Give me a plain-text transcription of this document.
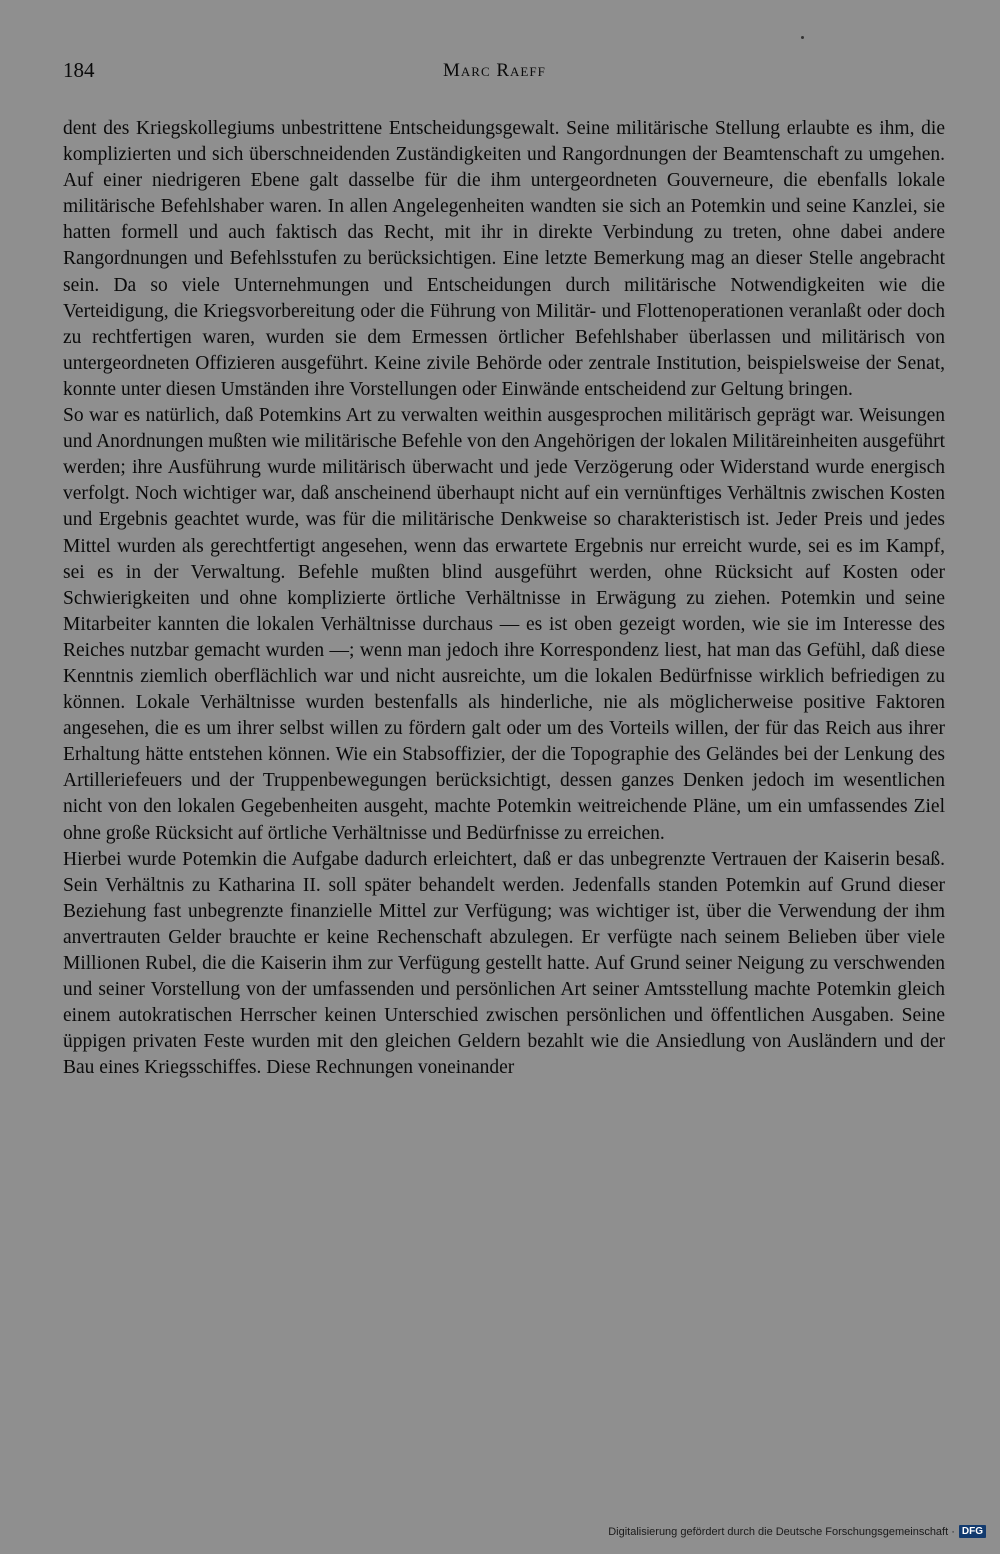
184	Marc Raeff

dent des Kriegskollegiums unbestrittene Entscheidungsgewalt. Seine militärische Stellung erlaubte es ihm, die komplizierten und sich überschneidenden Zuständigkeiten und Rangordnungen der Beamtenschaft zu umgehen. Auf einer niedrigeren Ebene galt dasselbe für die ihm untergeordneten Gouverneure, die ebenfalls lokale militärische Befehlshaber waren. In allen Angelegenheiten wandten sie sich an Potemkin und seine Kanzlei, sie hatten formell und auch faktisch das Recht, mit ihr in direkte Verbindung zu treten, ohne dabei andere Rangordnungen und Befehlsstufen zu berücksichtigen. Eine letzte Bemerkung mag an dieser Stelle angebracht sein. Da so viele Unternehmungen und Entscheidungen durch militärische Notwendigkeiten wie die Verteidigung, die Kriegsvorbereitung oder die Führung von Militär- und Flottenoperationen veranlaßt oder doch zu rechtfertigen waren, wurden sie dem Ermessen örtlicher Befehlshaber überlassen und militärisch von untergeordneten Offizieren ausgeführt. Keine zivile Behörde oder zentrale Institution, beispielsweise der Senat, konnte unter diesen Umständen ihre Vorstellungen oder Einwände entscheidend zur Geltung bringen.

So war es natürlich, daß Potemkins Art zu verwalten weithin ausgesprochen militärisch geprägt war. Weisungen und Anordnungen mußten wie militärische Befehle von den Angehörigen der lokalen Militäreinheiten ausgeführt werden; ihre Ausführung wurde militärisch überwacht und jede Verzögerung oder Widerstand wurde energisch verfolgt. Noch wichtiger war, daß anscheinend überhaupt nicht auf ein vernünftiges Verhältnis zwischen Kosten und Ergebnis geachtet wurde, was für die militärische Denkweise so charakteristisch ist. Jeder Preis und jedes Mittel wurden als gerechtfertigt angesehen, wenn das erwartete Ergebnis nur erreicht wurde, sei es im Kampf, sei es in der Verwaltung. Befehle mußten blind ausgeführt werden, ohne Rücksicht auf Kosten oder Schwierigkeiten und ohne komplizierte örtliche Verhältnisse in Erwägung zu ziehen. Potemkin und seine Mitarbeiter kannten die lokalen Verhältnisse durchaus — es ist oben gezeigt worden, wie sie im Interesse des Reiches nutzbar gemacht wurden —; wenn man jedoch ihre Korrespondenz liest, hat man das Gefühl, daß diese Kenntnis ziemlich oberflächlich war und nicht ausreichte, um die lokalen Bedürfnisse wirklich befriedigen zu können. Lokale Verhältnisse wurden bestenfalls als hinderliche, nie als möglicherweise positive Faktoren angesehen, die es um ihrer selbst willen zu fördern galt oder um des Vorteils willen, der für das Reich aus ihrer Erhaltung hätte entstehen können. Wie ein Stabsoffizier, der die Topographie des Geländes bei der Lenkung des Artilleriefeuers und der Truppenbewegungen berücksichtigt, dessen ganzes Denken jedoch im wesentlichen nicht von den lokalen Gegebenheiten ausgeht, machte Potemkin weitreichende Pläne, um ein umfassendes Ziel ohne große Rücksicht auf örtliche Verhältnisse und Bedürfnisse zu erreichen.

Hierbei wurde Potemkin die Aufgabe dadurch erleichtert, daß er das unbegrenzte Vertrauen der Kaiserin besaß. Sein Verhältnis zu Katharina II. soll später behandelt werden. Jedenfalls standen Potemkin auf Grund dieser Beziehung fast unbegrenzte finanzielle Mittel zur Verfügung; was wichtiger ist, über die Verwendung der ihm anvertrauten Gelder brauchte er keine Rechenschaft abzulegen. Er verfügte nach seinem Belieben über viele Millionen Rubel, die die Kaiserin ihm zur Verfügung gestellt hatte. Auf Grund seiner Neigung zu verschwenden und seiner Vorstellung von der umfassenden und persönlichen Art seiner Amtsstellung machte Potemkin gleich einem autokratischen Herrscher keinen Unterschied zwischen persönlichen und öffentlichen Ausgaben. Seine üppigen privaten Feste wurden mit den gleichen Geldern bezahlt wie die Ansiedlung von Ausländern und der Bau eines Kriegsschiffes. Diese Rechnungen voneinander

Digitalisierung gefördert durch die Deutsche Forschungsgemeinschaft · DFG
